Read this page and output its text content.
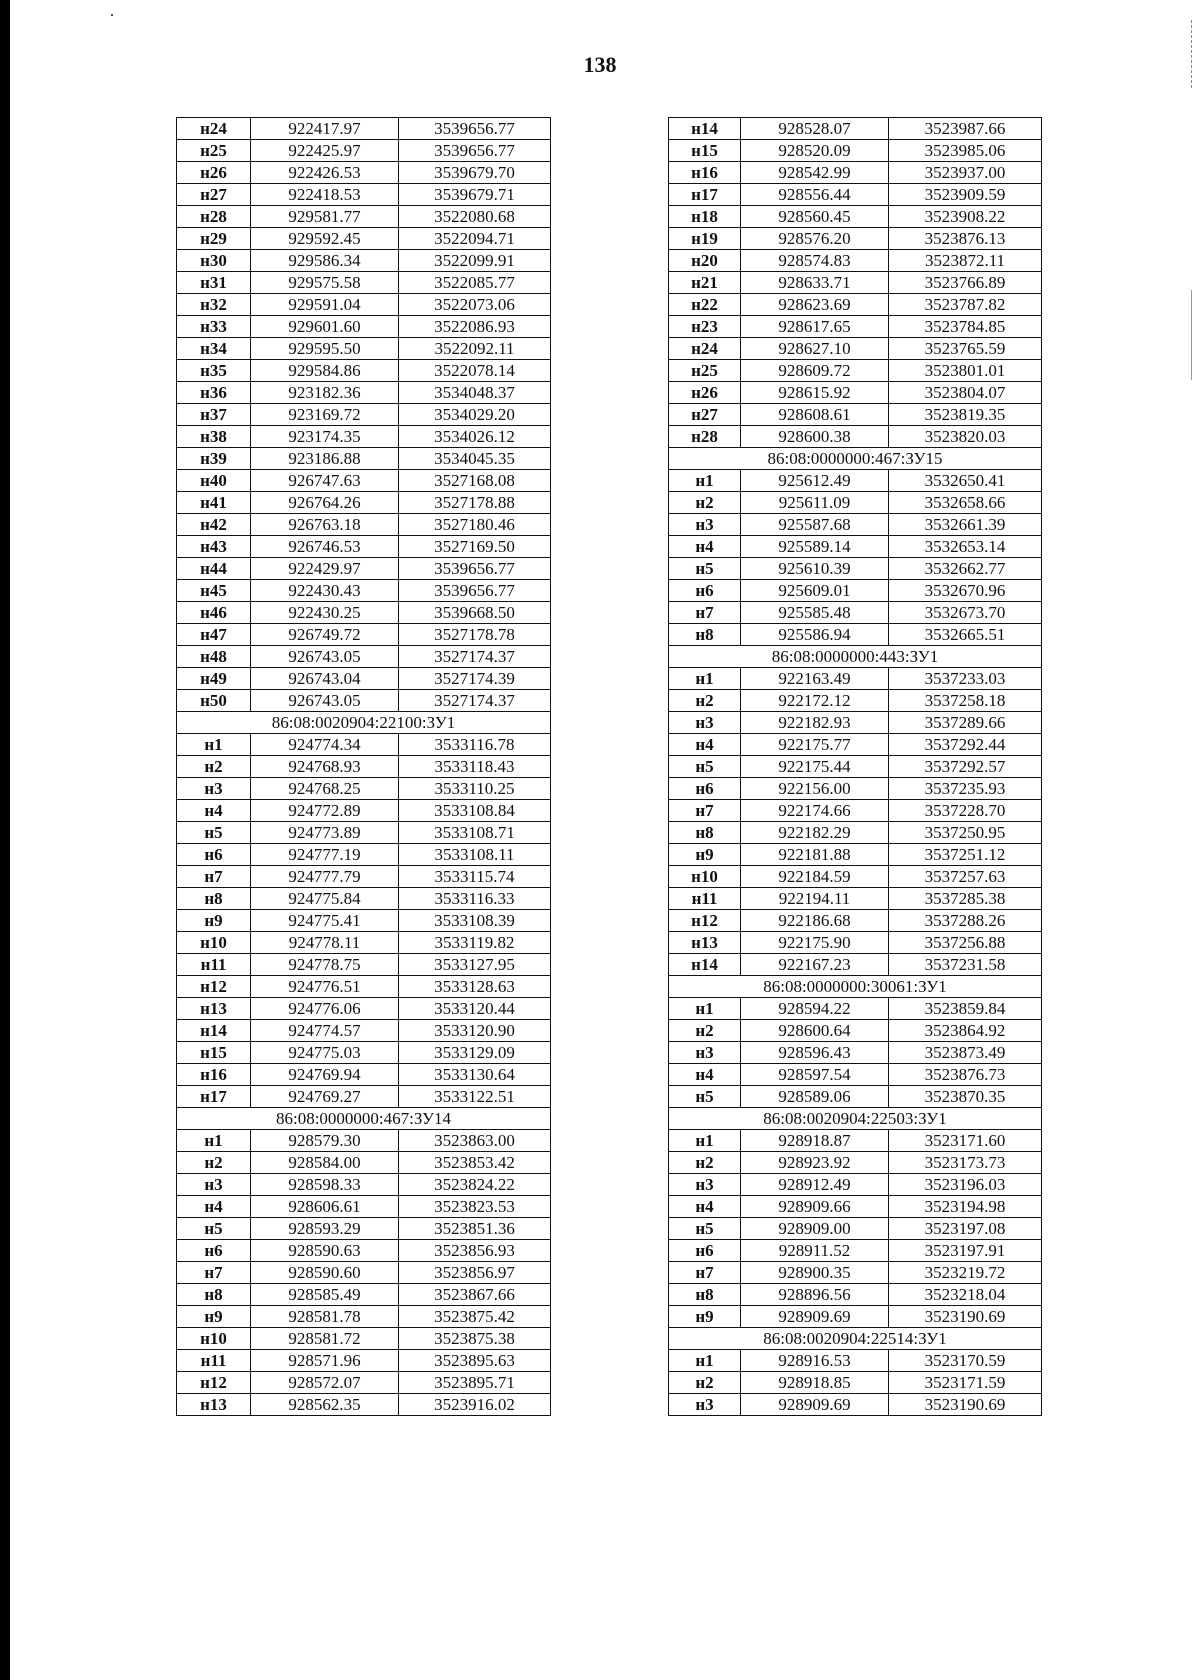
138
н24	922417.97	3539656.77
н25	922425.97	3539656.77
н26	922426.53	3539679.70
н27	922418.53	3539679.71
н28	929581.77	3522080.68
н29	929592.45	3522094.71
н30	929586.34	3522099.91
н31	929575.58	3522085.77
н32	929591.04	3522073.06
н33	929601.60	3522086.93
н34	929595.50	3522092.11
н35	929584.86	3522078.14
н36	923182.36	3534048.37
н37	923169.72	3534029.20
н38	923174.35	3534026.12
н39	923186.88	3534045.35
н40	926747.63	3527168.08
н41	926764.26	3527178.88
н42	926763.18	3527180.46
н43	926746.53	3527169.50
н44	922429.97	3539656.77
н45	922430.43	3539656.77
н46	922430.25	3539668.50
н47	926749.72	3527178.78
н48	926743.05	3527174.37
н49	926743.04	3527174.39
н50	926743.05	3527174.37
86:08:0020904:22100:ЗУ1		
н1	924774.34	3533116.78
н2	924768.93	3533118.43
н3	924768.25	3533110.25
н4	924772.89	3533108.84
н5	924773.89	3533108.71
н6	924777.19	3533108.11
н7	924777.79	3533115.74
н8	924775.84	3533116.33
н9	924775.41	3533108.39
н10	924778.11	3533119.82
н11	924778.75	3533127.95
н12	924776.51	3533128.63
н13	924776.06	3533120.44
н14	924774.57	3533120.90
н15	924775.03	3533129.09
н16	924769.94	3533130.64
н17	924769.27	3533122.51
86:08:0000000:467:ЗУ14		
н1	928579.30	3523863.00
н2	928584.00	3523853.42
н3	928598.33	3523824.22
н4	928606.61	3523823.53
н5	928593.29	3523851.36
н6	928590.63	3523856.93
н7	928590.60	3523856.97
н8	928585.49	3523867.66
н9	928581.78	3523875.42
н10	928581.72	3523875.38
н11	928571.96	3523895.63
н12	928572.07	3523895.71
н13	928562.35	3523916.02
н14	928528.07	3523987.66
н15	928520.09	3523985.06
н16	928542.99	3523937.00
н17	928556.44	3523909.59
н18	928560.45	3523908.22
н19	928576.20	3523876.13
н20	928574.83	3523872.11
н21	928633.71	3523766.89
н22	928623.69	3523787.82
н23	928617.65	3523784.85
н24	928627.10	3523765.59
н25	928609.72	3523801.01
н26	928615.92	3523804.07
н27	928608.61	3523819.35
н28	928600.38	3523820.03
86:08:0000000:467:ЗУ15		
н1	925612.49	3532650.41
н2	925611.09	3532658.66
н3	925587.68	3532661.39
н4	925589.14	3532653.14
н5	925610.39	3532662.77
н6	925609.01	3532670.96
н7	925585.48	3532673.70
н8	925586.94	3532665.51
86:08:0000000:443:ЗУ1		
н1	922163.49	3537233.03
н2	922172.12	3537258.18
н3	922182.93	3537289.66
н4	922175.77	3537292.44
н5	922175.44	3537292.57
н6	922156.00	3537235.93
н7	922174.66	3537228.70
н8	922182.29	3537250.95
н9	922181.88	3537251.12
н10	922184.59	3537257.63
н11	922194.11	3537285.38
н12	922186.68	3537288.26
н13	922175.90	3537256.88
н14	922167.23	3537231.58
86:08:0000000:30061:ЗУ1		
н1	928594.22	3523859.84
н2	928600.64	3523864.92
н3	928596.43	3523873.49
н4	928597.54	3523876.73
н5	928589.06	3523870.35
86:08:0020904:22503:ЗУ1		
н1	928918.87	3523171.60
н2	928923.92	3523173.73
н3	928912.49	3523196.03
н4	928909.66	3523194.98
н5	928909.00	3523197.08
н6	928911.52	3523197.91
н7	928900.35	3523219.72
н8	928896.56	3523218.04
н9	928909.69	3523190.69
86:08:0020904:22514:ЗУ1		
н1	928916.53	3523170.59
н2	928918.85	3523171.59
н3	928909.69	3523190.69
